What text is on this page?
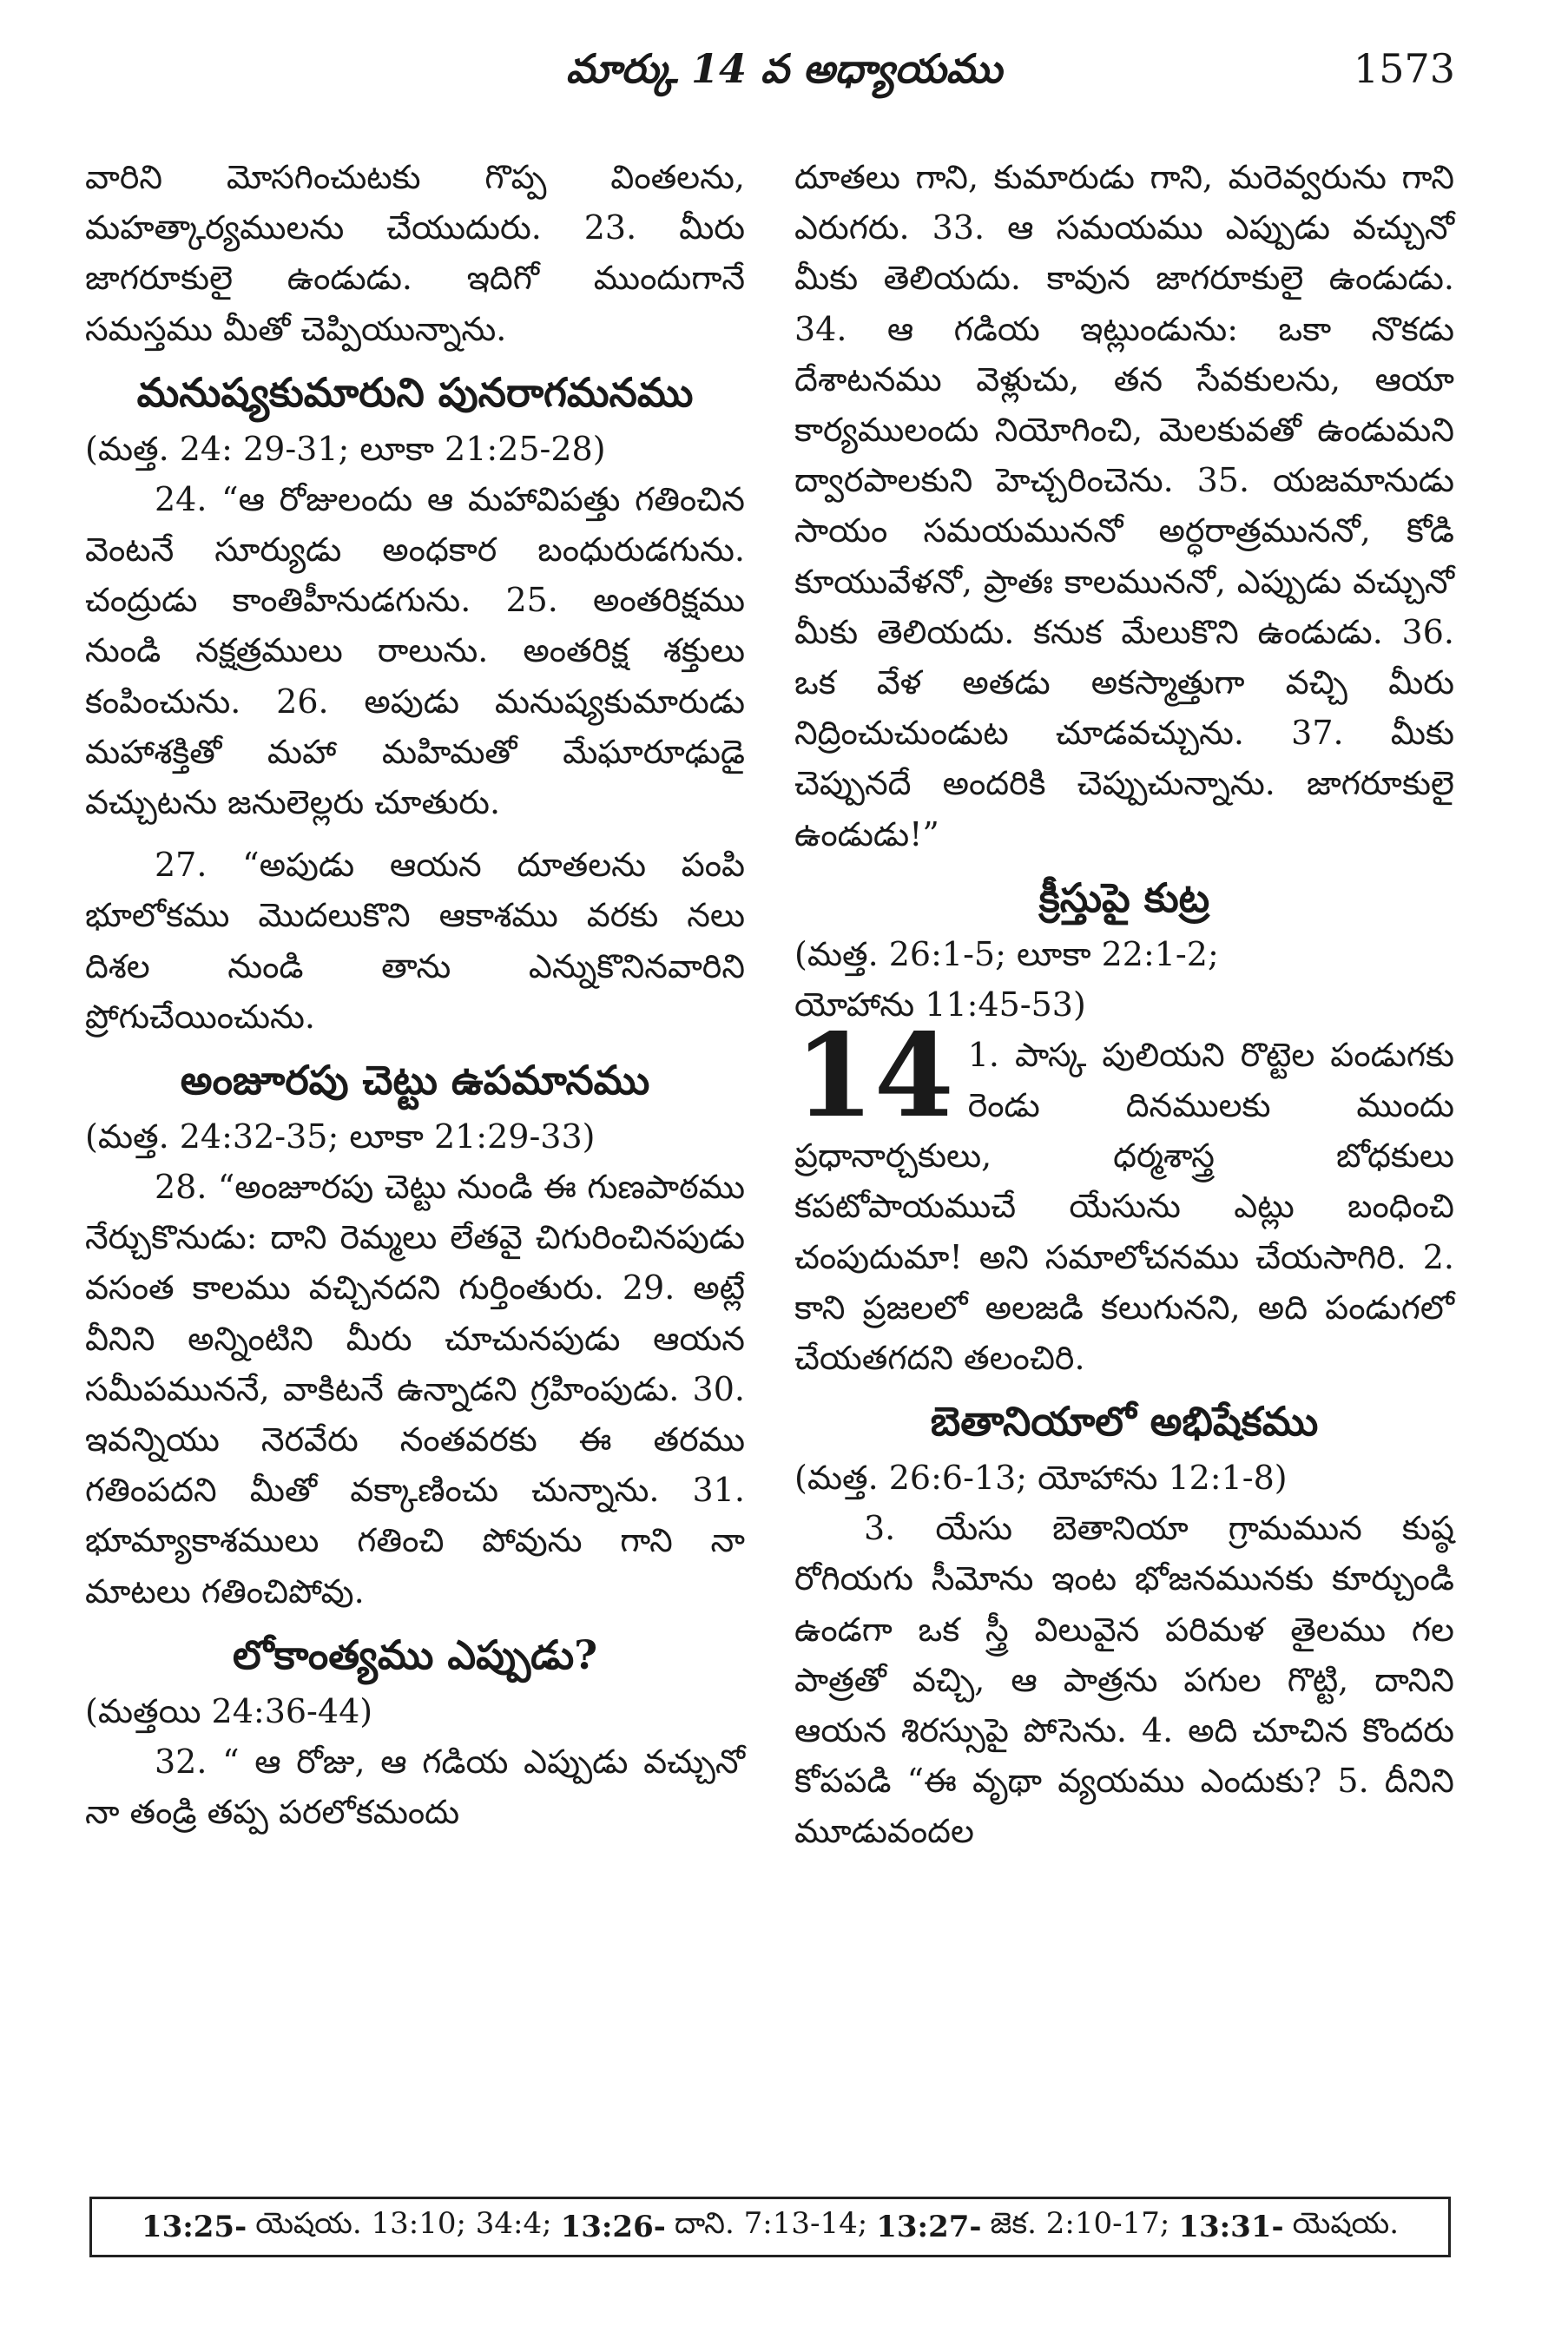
మార్కు 14 వ అధ్యాయము	1573

వారిని మోసగించుటకు గొప్ప వింతలను, మహత్కార్యములను చేయుదురు. 23. మీరు జాగరూకులై ఉండుడు. ఇదిగో ముందుగానే సమస్తము మీతో చెప్పియున్నాను.

మనుష్యకుమారుని పునరాగమనము

(మత్త. 24: 29-31; లూకా 21:25-28)

24. “ఆ రోజులందు ఆ మహావిపత్తు గతించిన వెంటనే సూర్యుడు అంధకార బంధురుడగును. చంద్రుడు కాంతిహీనుడగును. 25. అంతరిక్షము నుండి నక్షత్రములు రాలును. అంతరిక్ష శక్తులు కంపించును. 26. అపుడు మనుష్యకుమారుడు మహాశక్తితో మహా మహిమతో మేఘారూఢుడై వచ్చుటను జనులెల్లరు చూతురు.

27. “అపుడు ఆయన దూతలను పంపి భూలోకము మొదలుకొని ఆకాశము వరకు నలు దిశల నుండి తాను ఎన్నుకొనినవారిని ప్రోగుచేయించును.

అంజూరపు చెట్టు ఉపమానము

(మత్త. 24:32-35; లూకా 21:29-33)

28. “అంజూరపు చెట్టు నుండి ఈ గుణపాఠము నేర్చుకొనుడు: దాని రెమ్మలు లేతవై చిగురించినపుడు వసంత కాలము వచ్చినదని గుర్తింతురు. 29. అట్లే వీనిని అన్నింటిని మీరు చూచునపుడు ఆయన సమీపముననే, వాకిటనే ఉన్నాడని గ్రహింపుడు. 30. ఇవన్నియు నెరవేరు నంతవరకు ఈ తరము గతింపదని మీతో వక్కాణించు చున్నాను. 31. భూమ్యాకాశములు గతించి పోవును గాని నా మాటలు గతించిపోవు.

లోకాంత్యము ఎప్పుడు?

(మత్తయి 24:36-44)

32. “ ఆ రోజు, ఆ గడియ ఎప్పుడు వచ్చునో నా తండ్రి తప్ప పరలోకమందు

దూతలు గాని, కుమారుడు గాని, మరెవ్వరును గాని ఎరుగరు. 33. ఆ సమయము ఎప్పుడు వచ్చునో మీకు తెలియదు. కావున జాగరూకులై ఉండుడు. 34. ఆ గడియ ఇట్లుండును: ఒకా నొకడు దేశాటనము వెళ్లుచు, తన సేవకులను, ఆయా కార్యములందు నియోగించి, మెలకువతో ఉండుమని ద్వారపాలకుని హెచ్చరించెను. 35. యజమానుడు సాయం సమయముననో అర్ధరాత్రముననో, కోడి కూయువేళనో, ప్రాతః కాలముననో, ఎప్పుడు వచ్చునో మీకు తెలియదు. కనుక మేలుకొని ఉండుడు. 36. ఒక వేళ అతడు అకస్మాత్తుగా వచ్చి మీరు నిద్రించుచుండుట చూడవచ్చును. 37. మీకు చెప్పునదే అందరికి చెప్పుచున్నాను. జాగరూకులై ఉండుడు!”

క్రీస్తుపై కుట్ర

(మత్త. 26:1-5; లూకా 22:1-2;

యోహాను 11:45-53)

14 1. పాస్క పులియని రొట్టెల పండుగకు రెండు దినములకు ముందు ప్రధానార్చకులు, ధర్మశాస్త్ర బోధకులు కపటోపాయముచే యేసును ఎట్లు బంధించి చంపుదుమా! అని సమాలోచనము చేయసాగిరి. 2. కాని ప్రజలలో అలజడి కలుగునని, అది పండుగలో చేయతగదని తలంచిరి.

బెతానియాలో అభిషేకము

(మత్త. 26:6-13; యోహాను 12:1-8)

3. యేసు బెతానియా గ్రామమున కుష్ఠ రోగియగు సీమోను ఇంట భోజనమునకు కూర్చుండి ఉండగా ఒక స్త్రీ విలువైన పరిమళ తైలము గల పాత్రతో వచ్చి, ఆ పాత్రను పగుల గొట్టి, దానిని ఆయన శిరస్సుపై పోసెను. 4. అది చూచిన కొందరు కోపపడి “ఈ వృథా వ్యయము ఎందుకు? 5. దీనిని మూడువందల

13:25- యెషయ. 13:10; 34:4; 13:26- దాని. 7:13-14; 13:27- జెక. 2:10-17; 13:31- యెషయ.
